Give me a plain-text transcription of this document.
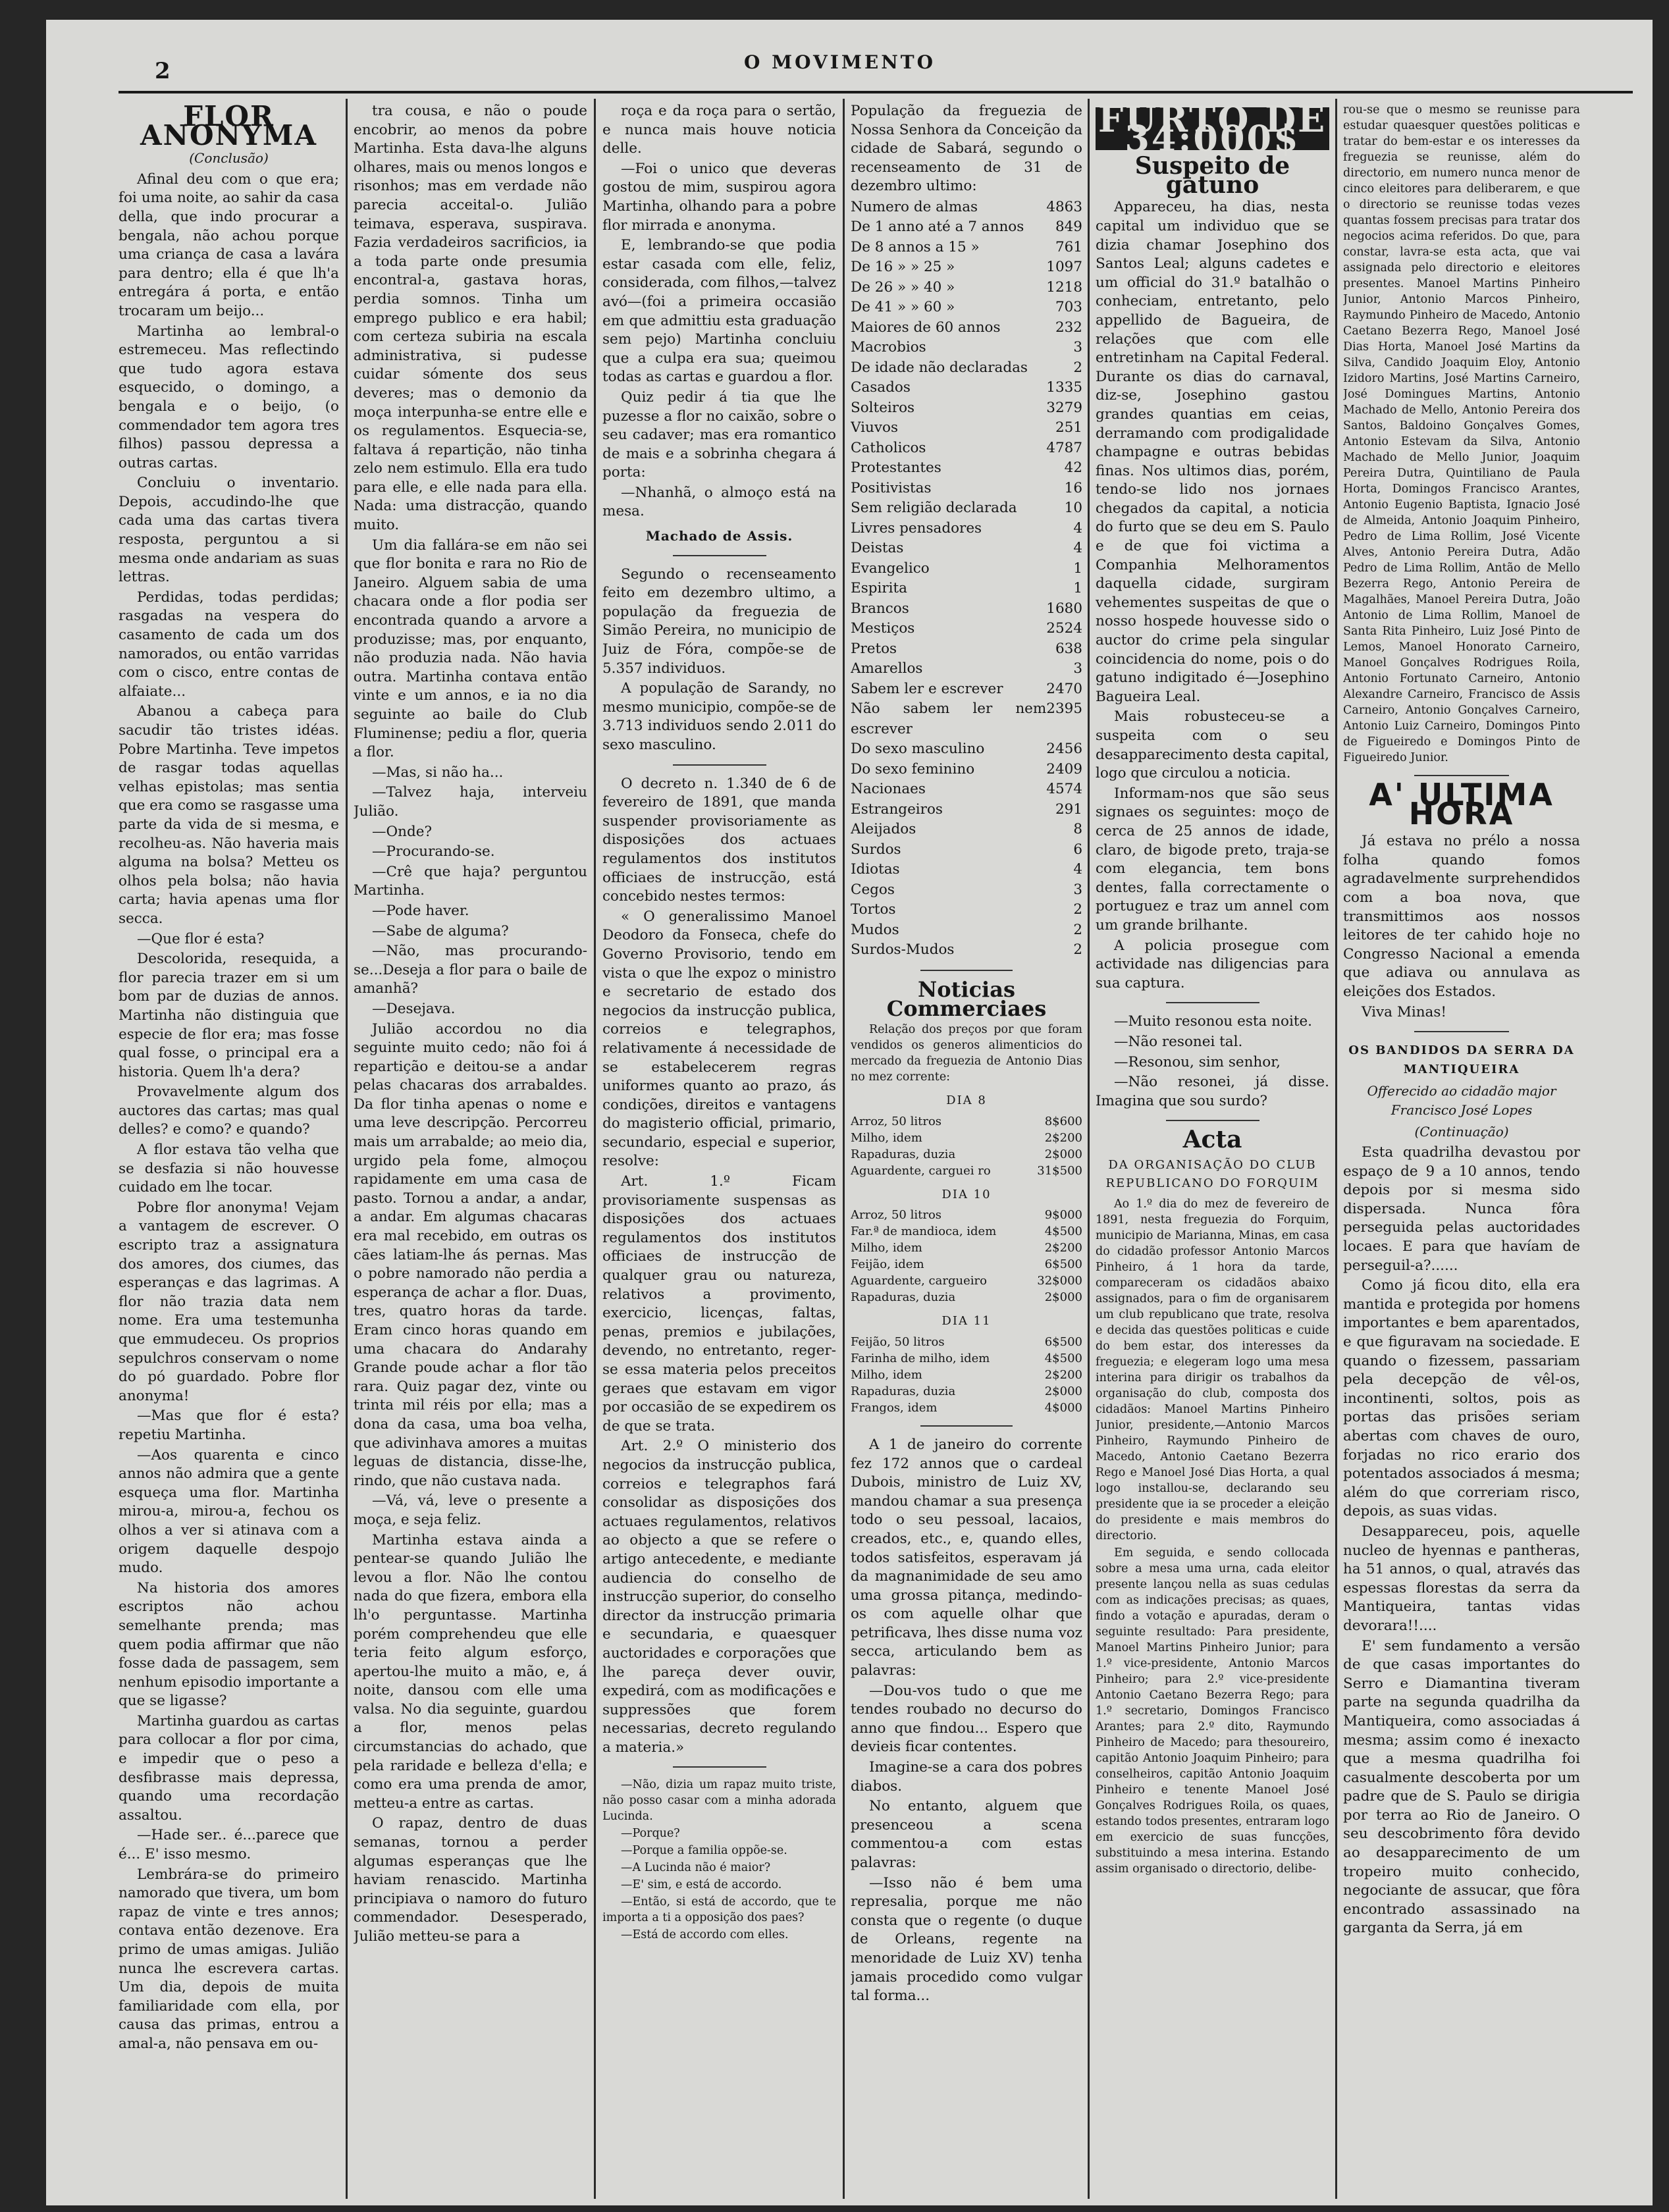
2	O MOVIMENTO
FLOR ANONYMA
(Conclusão)

Afinal deu com o que era; foi uma noite, ao sahir da casa della, que indo procurar a bengala, não achou porque uma criança de casa a lavára para dentro; ella é que lh'a entregára á porta, e então trocaram um beijo...

Martinha ao lembral-o estremeceu. Mas reflectindo que tudo agora estava esquecido, o domingo, a bengala e o beijo, (o commendador tem agora tres filhos) passou depressa a outras cartas.

Concluiu o inventario. Depois, accudindo-lhe que cada uma das cartas tivera resposta, perguntou a si mesma onde andariam as suas lettras.

Perdidas, todas perdidas; rasgadas na vespera do casamento de cada um dos namorados, ou então varridas com o cisco, entre contas de alfaiate...

Abanou a cabeça para sacudir tão tristes idéas. Pobre Martinha. Teve impetos de rasgar todas aquellas velhas epistolas; mas sentia que era como se rasgasse uma parte da vida de si mesma, e recolheu-as. Não haveria mais alguma na bolsa? Metteu os olhos pela bolsa; não havia carta; havia apenas uma flor secca.

—Que flor é esta?

Descolorida, resequida, a flor parecia trazer em si um bom par de duzias de annos. Martinha não distinguia que especie de flor era; mas fosse qual fosse, o principal era a historia. Quem lh'a dera?

Provavelmente algum dos auctores das cartas; mas qual delles? e como? e quando?

A flor estava tão velha que se desfazia si não houvesse cuidado em lhe tocar.

Pobre flor anonyma! Vejam a vantagem de escrever. O escripto traz a assignatura dos amores, dos ciumes, das esperanças e das lagrimas. A flor não trazia data nem nome. Era uma testemunha que emmudeceu. Os proprios sepulchros conservam o nome do pó guardado. Pobre flor anonyma!

—Mas que flor é esta? repetiu Martinha.

—Aos quarenta e cinco annos não admira que a gente esqueça uma flor. Martinha mirou-a, mirou-a, fechou os olhos a ver si atinava com a origem daquelle despojo mudo.

Na historia dos amores escriptos não achou semelhante prenda; mas quem podia affirmar que não fosse dada de passagem, sem nenhum episodio importante a que se ligasse?

Martinha guardou as cartas para collocar a flor por cima, e impedir que o peso a desfibrasse mais depressa, quando uma recordação assaltou.

—Hade ser.. é...parece que é... E' isso mesmo.

Lembrára-se do primeiro namorado que tivera, um bom rapaz de vinte e tres annos; contava então dezenove. Era primo de umas amigas. Julião nunca lhe escrevera cartas. Um dia, depois de muita familiaridade com ella, por causa das primas, entrou a amal-a, não pensava em ou-

tra cousa, e não o poude encobrir, ao menos da pobre Martinha. Esta dava-lhe alguns olhares, mais ou menos longos e risonhos; mas em verdade não parecia acceital-o. Julião teimava, esperava, suspirava. Fazia verdadeiros sacrificios, ia a toda parte onde presumia encontral-a, gastava horas, perdia somnos. Tinha um emprego publico e era habil; com certeza subiria na escala administrativa, si pudesse cuidar sómente dos seus deveres; mas o demonio da moça interpunha-se entre elle e os regulamentos. Esquecia-se, faltava á repartição, não tinha zelo nem estimulo. Ella era tudo para elle, e elle nada para ella. Nada: uma distracção, quando muito.

Um dia fallára-se em não sei que flor bonita e rara no Rio de Janeiro. Alguem sabia de uma chacara onde a flor podia ser encontrada quando a arvore a produzisse; mas, por enquanto, não produzia nada. Não havia outra. Martinha contava então vinte e um annos, e ia no dia seguinte ao baile do Club Fluminense; pediu a flor, queria a flor.

—Mas, si não ha...

—Talvez haja, interveiu Julião.

—Onde?

—Procurando-se.

—Crê que haja? perguntou Martinha.

—Pode haver.

—Sabe de alguma?

—Não, mas procurando-se...Deseja a flor para o baile de amanhã?

—Desejava.

Julião accordou no dia seguinte muito cedo; não foi á repartição e deitou-se a andar pelas chacaras dos arrabaldes. Da flor tinha apenas o nome e uma leve descripção. Percorreu mais um arrabalde; ao meio dia, urgido pela fome, almoçou rapidamente em uma casa de pasto. Tornou a andar, a andar, a andar. Em algumas chacaras era mal recebido, em outras os cães latiam-lhe ás pernas. Mas o pobre namorado não perdia a esperança de achar a flor. Duas, tres, quatro horas da tarde. Eram cinco horas quando em uma chacara do Andarahy Grande poude achar a flor tão rara. Quiz pagar dez, vinte ou trinta mil réis por ella; mas a dona da casa, uma boa velha, que adivinhava amores a muitas leguas de distancia, disse-lhe, rindo, que não custava nada.

—Vá, vá, leve o presente a moça, e seja feliz.

Martinha estava ainda a pentear-se quando Julião lhe levou a flor. Não lhe contou nada do que fizera, embora ella lh'o perguntasse. Martinha porém comprehendeu que elle teria feito algum esforço, apertou-lhe muito a mão, e, á noite, dansou com elle uma valsa. No dia seguinte, guardou a flor, menos pelas circumstancias do achado, que pela raridade e belleza d'ella; e como era uma prenda de amor, metteu-a entre as cartas.

O rapaz, dentro de duas semanas, tornou a perder algumas esperanças que lhe haviam renascido. Martinha principiava o namoro do futuro commendador. Desesperado, Julião metteu-se para a

roça e da roça para o sertão, e nunca mais houve noticia delle.

—Foi o unico que deveras gostou de mim, suspirou agora Martinha, olhando para a pobre flor mirrada e anonyma.

E, lembrando-se que podia estar casada com elle, feliz, considerada, com filhos,—talvez avó—(foi a primeira occasião em que admittiu esta graduação sem pejo) Martinha concluiu que a culpa era sua; queimou todas as cartas e guardou a flor.

Quiz pedir á tia que lhe puzesse a flor no caixão, sobre o seu cadaver; mas era romantico de mais e a sobrinha chegara á porta:

—Nhanhã, o almoço está na mesa.

Machado de Assis.

Segundo o recenseamento feito em dezembro ultimo, a população da freguezia de Simão Pereira, no municipio de Juiz de Fóra, compõe-se de 5.357 individuos.

A população de Sarandy, no mesmo municipio, compõe-se de 3.713 individuos sendo 2.011 do sexo masculino.

O decreto n. 1.340 de 6 de fevereiro de 1891, que manda suspender provisoriamente as disposições dos actuaes regulamentos dos institutos officiaes de instrucção, está concebido nestes termos:

« O generalissimo Manoel Deodoro da Fonseca, chefe do Governo Provisorio, tendo em vista o que lhe expoz o ministro e secretario de estado dos negocios da instrucção publica, correios e telegraphos, relativamente á necessidade de se estabelecerem regras uniformes quanto ao prazo, ás condições, direitos e vantagens do magisterio official, primario, secundario, especial e superior, resolve:

Art. 1.º Ficam provisoriamente suspensas as disposições dos actuaes regulamentos dos institutos officiaes de instrucção de qualquer grau ou natureza, relativos a provimento, exercicio, licenças, faltas, penas, premios e jubilações, devendo, no entretanto, reger-se essa materia pelos preceitos geraes que estavam em vigor por occasião de se expedirem os de que se trata.

Art. 2.º O ministerio dos negocios da instrucção publica, correios e telegraphos fará consolidar as disposições dos actuaes regulamentos, relativos ao objecto a que se refere o artigo antecedente, e mediante audiencia do conselho de instrucção superior, do conselho director da instrucção primaria e secundaria, e quaesquer auctoridades e corporações que lhe pareça dever ouvir, expedirá, com as modificações e suppressões que forem necessarias, decreto regulando a materia.»

—Não, dizia um rapaz muito triste, não posso casar com a minha adorada Lucinda.

—Porque?

—Porque a familia oppõe-se.

—A Lucinda não é maior?

—E' sim, e está de accordo.

—Então, si está de accordo, que te importa a ti a opposição dos paes?

—Está de accordo com elles.

População da freguezia de Nossa Senhora da Conceição da cidade de Sabará, segundo o recenseamento de 31 de dezembro ultimo:

Numero de almas	4863
De 1 anno até a 7 annos	849
De 8 annos a 15 »	761
De 16 » » 25 »	1097
De 26 » » 40 »	1218
De 41 » » 60 »	703
Maiores de 60 annos	232
Macrobios	3
De idade não declaradas	2
Casados	1335
Solteiros	3279
Viuvos	251
Catholicos	4787
Protestantes	42
Positivistas	16
Sem religião declarada	10
Livres pensadores	4
Deistas	4
Evangelico	1
Espirita	1
Brancos	1680
Mestiços	2524
Pretos	638
Amarellos	3
Sabem ler e escrever	2470
Não sabem ler nem escrever	2395
Do sexo masculino	2456
Do sexo feminino	2409
Nacionaes	4574
Estrangeiros	291
Aleijados	8
Surdos	6
Idiotas	4
Cegos	3
Tortos	2
Mudos	2
Surdos-Mudos	2
Noticias Commerciaes

Relação dos preços por que foram vendidos os generos alimenticios do mercado da freguezia de Antonio Dias no mez corrente:

DIA 8
Arroz, 50 litros	8$600
Milho, idem	2$200
Rapaduras, duzia	2$000
Aguardente, carguei ro	31$500
DIA 10
Arroz, 50 litros	9$000
Far.ª de mandioca, idem	4$500
Milho, idem	2$200
Feijão, idem	6$500
Aguardente, cargueiro	32$000
Rapaduras, duzia	2$000
DIA 11
Feijão, 50 litros	6$500
Farinha de milho, idem	4$500
Milho, idem	2$200
Rapaduras, duzia	2$000
Frangos, idem	4$000

A 1 de janeiro do corrente fez 172 annos que o cardeal Dubois, ministro de Luiz XV, mandou chamar a sua presença todo o seu pessoal, lacaios, creados, etc., e, quando elles, todos satisfeitos, esperavam já da magnanimidade de seu amo uma grossa pitança, medindo-os com aquelle olhar que petrificava, lhes disse numa voz secca, articulando bem as palavras:

—Dou-vos tudo o que me tendes roubado no decurso do anno que findou... Espero que devieis ficar contentes.

Imagine-se a cara dos pobres diabos.

No entanto, alguem que presenceou a scena commentou-a com estas palavras:

—Isso não é bem uma represalia, porque me não consta que o regente (o duque de Orleans, regente na menoridade de Luiz XV) tenha jamais procedido como vulgar tal forma...

FURTO DE 34:000$
Suspeito de gatuno

Appareceu, ha dias, nesta capital um individuo que se dizia chamar Josephino dos Santos Leal; alguns cadetes e um official do 31.º batalhão o conheciam, entretanto, pelo appellido de Bagueira, de relações que com elle entretinham na Capital Federal. Durante os dias do carnaval, diz-se, Josephino gastou grandes quantias em ceias, derramando com prodigalidade champagne e outras bebidas finas. Nos ultimos dias, porém, tendo-se lido nos jornaes chegados da capital, a noticia do furto que se deu em S. Paulo e de que foi victima a Companhia Melhoramentos daquella cidade, surgiram vehementes suspeitas de que o nosso hospede houvesse sido o auctor do crime pela singular coincidencia do nome, pois o do gatuno indigitado é—Josephino Bagueira Leal.

Mais robusteceu-se a suspeita com o seu desapparecimento desta capital, logo que circulou a noticia.

Informam-nos que são seus signaes os seguintes: moço de cerca de 25 annos de idade, claro, de bigode preto, traja-se com elegancia, tem bons dentes, falla correctamente o portuguez e traz um annel com um grande brilhante.

A policia prosegue com actividade nas diligencias para sua captura.

—Muito resonou esta noite.

—Não resonei tal.

—Resonou, sim senhor,

—Não resonei, já disse. Imagina que sou surdo?

Acta
DA ORGANISAÇÃO DO CLUB REPUBLICANO DO FORQUIM

Ao 1.º dia do mez de fevereiro de 1891, nesta freguezia do Forquim, municipio de Marianna, Minas, em casa do cidadão professor Antonio Marcos Pinheiro, á 1 hora da tarde, compareceram os cidadãos abaixo assignados, para o fim de organisarem um club republicano que trate, resolva e decida das questões politicas e cuide do bem estar, dos interesses da freguezia; e elegeram logo uma mesa interina para dirigir os trabalhos da organisação do club, composta dos cidadãos: Manoel Martins Pinheiro Junior, presidente,—Antonio Marcos Pinheiro, Raymundo Pinheiro de Macedo, Antonio Caetano Bezerra Rego e Manoel José Dias Horta, a qual logo installou-se, declarando seu presidente que ia se proceder a eleição do presidente e mais membros do directorio.

Em seguida, e sendo collocada sobre a mesa uma urna, cada eleitor presente lançou nella as suas cedulas com as indicações precisas; as quaes, findo a votação e apuradas, deram o seguinte resultado: Para presidente, Manoel Martins Pinheiro Junior; para 1.º vice-presidente, Antonio Marcos Pinheiro; para 2.º vice-presidente Antonio Caetano Bezerra Rego; para 1.º secretario, Domingos Francisco Arantes; para 2.º dito, Raymundo Pinheiro de Macedo; para thesoureiro, capitão Antonio Joaquim Pinheiro; para conselheiros, capitão Antonio Joaquim Pinheiro e tenente Manoel José Gonçalves Rodrigues Roila, os quaes, estando todos presentes, entraram logo em exercicio de suas funcções, substituindo a mesa interina. Estando assim organisado o directorio, delibe-

rou-se que o mesmo se reunisse para estudar quaesquer questões politicas e tratar do bem-estar e os interesses da freguezia se reunisse, além do directorio, em numero nunca menor de cinco eleitores para deliberarem, e que o directorio se reunisse todas vezes quantas fossem precisas para tratar dos negocios acima referidos. Do que, para constar, lavra-se esta acta, que vai assignada pelo directorio e eleitores presentes. Manoel Martins Pinheiro Junior, Antonio Marcos Pinheiro, Raymundo Pinheiro de Macedo, Antonio Caetano Bezerra Rego, Manoel José Dias Horta, Manoel José Martins da Silva, Candido Joaquim Eloy, Antonio Izidoro Martins, José Martins Carneiro, José Domingues Martins, Antonio Machado de Mello, Antonio Pereira dos Santos, Baldoino Gonçalves Gomes, Antonio Estevam da Silva, Antonio Machado de Mello Junior, Joaquim Pereira Dutra, Quintiliano de Paula Horta, Domingos Francisco Arantes, Antonio Eugenio Baptista, Ignacio José de Almeida, Antonio Joaquim Pinheiro, Pedro de Lima Rollim, José Vicente Alves, Antonio Pereira Dutra, Adão Pedro de Lima Rollim, Antão de Mello Bezerra Rego, Antonio Pereira de Magalhães, Manoel Pereira Dutra, João Antonio de Lima Rollim, Manoel de Santa Rita Pinheiro, Luiz José Pinto de Lemos, Manoel Honorato Carneiro, Manoel Gonçalves Rodrigues Roila, Antonio Fortunato Carneiro, Antonio Alexandre Carneiro, Francisco de Assis Carneiro, Antonio Gonçalves Carneiro, Antonio Luiz Carneiro, Domingos Pinto de Figueiredo e Domingos Pinto de Figueiredo Junior.

A' ULTIMA HORA

Já estava no prélo a nossa folha quando fomos agradavelmente surprehendidos com a boa nova, que transmittimos aos nossos leitores de ter cahido hoje no Congresso Nacional a emenda que adiava ou annulava as eleições dos Estados.

Viva Minas!

OS BANDIDOS DA SERRA DA MANTIQUEIRA
Offerecido ao cidadão major Francisco José Lopes
(Continuação)

Esta quadrilha devastou por espaço de 9 a 10 annos, tendo depois por si mesma sido dispersada. Nunca fôra perseguida pelas auctoridades locaes. E para que havíam de perseguil-a?......

Como já ficou dito, ella era mantida e protegida por homens importantes e bem aparentados, e que figuravam na sociedade. E quando o fizessem, passariam pela decepção de vêl-os, incontinenti, soltos, pois as portas das prisões seriam abertas com chaves de ouro, forjadas no rico erario dos potentados associados á mesma; além do que correriam risco, depois, as suas vidas.

Desappareceu, pois, aquelle nucleo de hyennas e pantheras, ha 51 annos, o qual, através das espessas florestas da serra da Mantiqueira, tantas vidas devorara!!....

E' sem fundamento a versão de que casas importantes do Serro e Diamantina tiveram parte na segunda quadrilha da Mantiqueira, como associadas á mesma; assim como é inexacto que a mesma quadrilha foi casualmente descoberta por um padre que de S. Paulo se dirigia por terra ao Rio de Janeiro. O seu descobrimento fôra devido ao desapparecimento de um tropeiro muito conhecido, negociante de assucar, que fôra encontrado assassinado na garganta da Serra, já em
